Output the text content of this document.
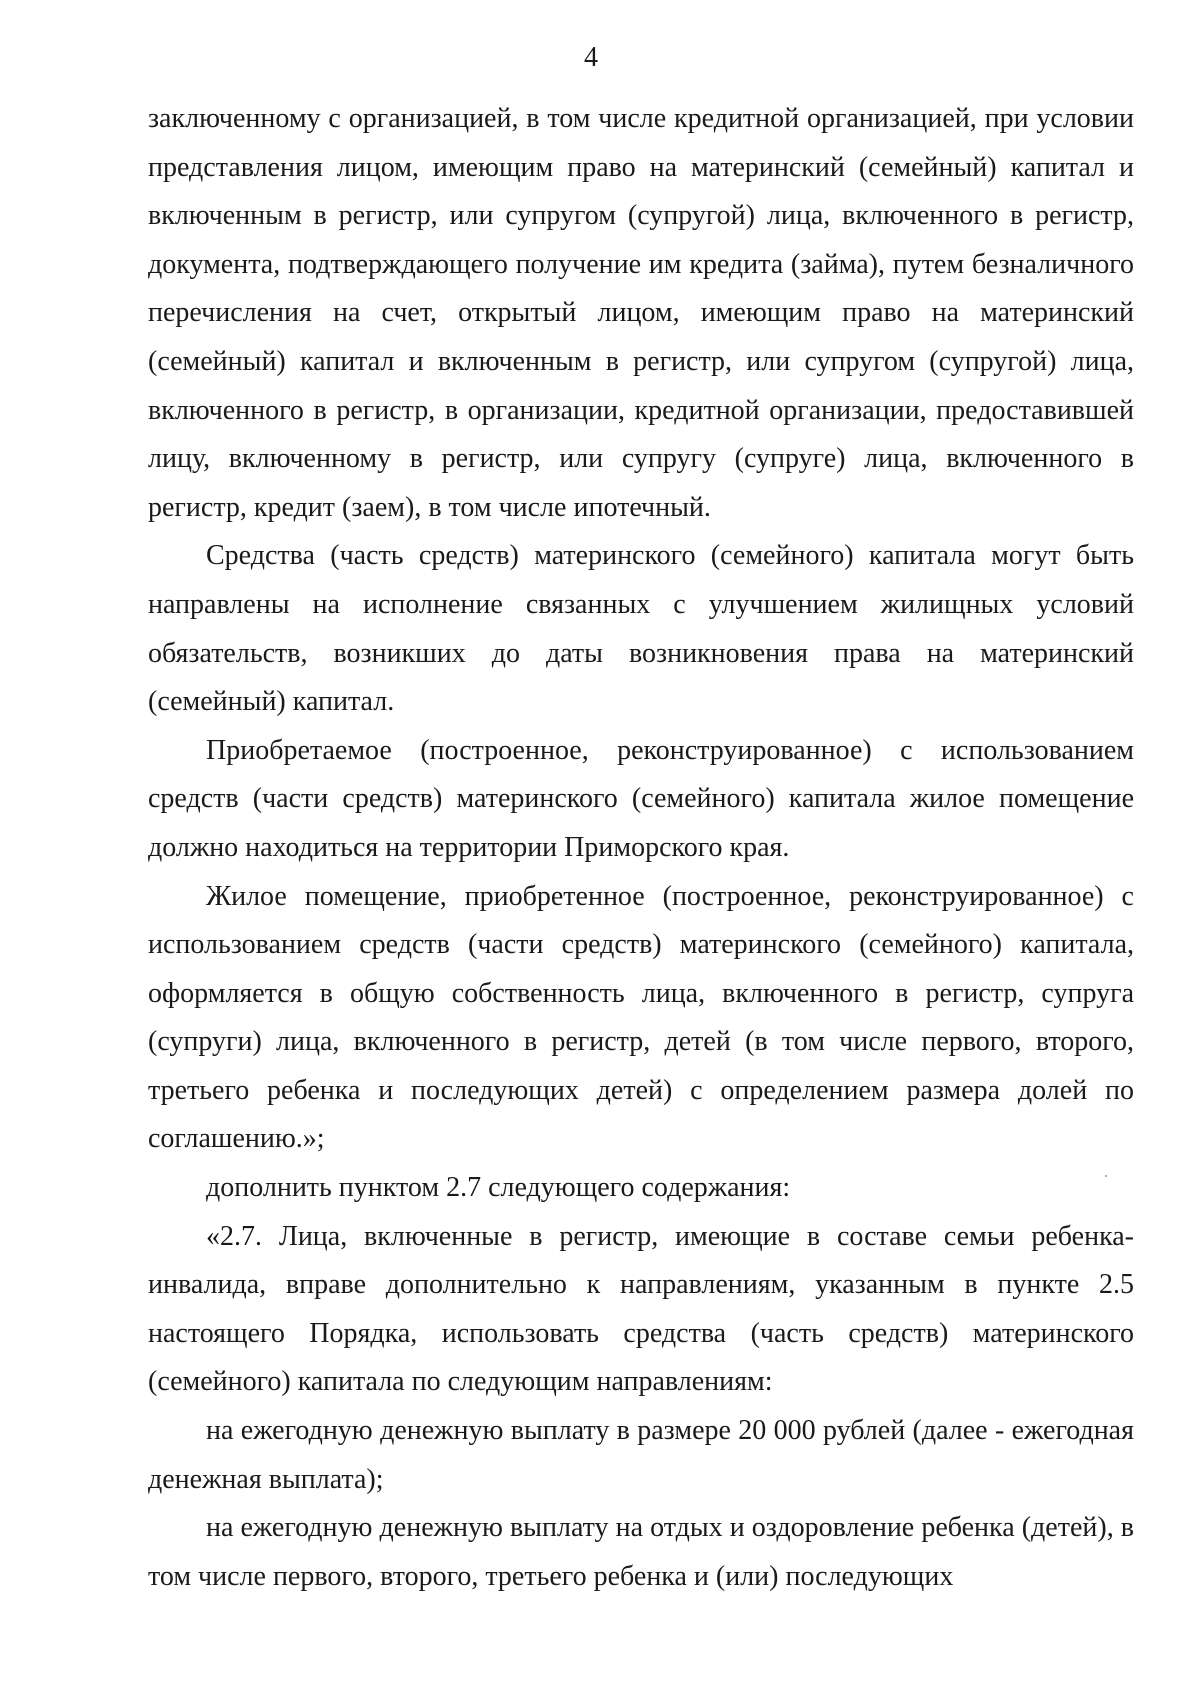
4

заключенному с организацией, в том числе кредитной организацией, при условии представления лицом, имеющим право на материнский (семейный) капитал и включенным в регистр, или супругом (супругой) лица, включенного в регистр, документа, подтверждающего получение им кредита (займа), путем безналичного перечисления на счет, открытый лицом, имеющим право на материнский (семейный) капитал и включенным в регистр, или супругом (супругой) лица, включенного в регистр, в организации, кредитной организации, предоставившей лицу, включенному в регистр, или супругу (супруге) лица, включенного в регистр, кредит (заем), в том числе ипотечный.

Средства (часть средств) материнского (семейного) капитала могут быть направлены на исполнение связанных с улучшением жилищных условий обязательств, возникших до даты возникновения права на материнский (семейный) капитал.

Приобретаемое (построенное, реконструированное) с использованием средств (части средств) материнского (семейного) капитала жилое помещение должно находиться на территории Приморского края.

Жилое помещение, приобретенное (построенное, реконструированное) с использованием средств (части средств) материнского (семейного) капитала, оформляется в общую собственность лица, включенного в регистр, супруга (супруги) лица, включенного в регистр, детей (в том числе первого, второго, третьего ребенка и последующих детей) с определением размера долей по соглашению.»;

дополнить пунктом 2.7 следующего содержания:

«2.7. Лица, включенные в регистр, имеющие в составе семьи ребенка-инвалида, вправе дополнительно к направлениям, указанным в пункте 2.5 настоящего Порядка, использовать средства (часть средств) материнского (семейного) капитала по следующим направлениям:

на ежегодную денежную выплату в размере 20 000 рублей (далее - ежегодная денежная выплата);

на ежегодную денежную выплату на отдых и оздоровление ребенка (детей), в том числе первого, второго, третьего ребенка и (или) последующих
